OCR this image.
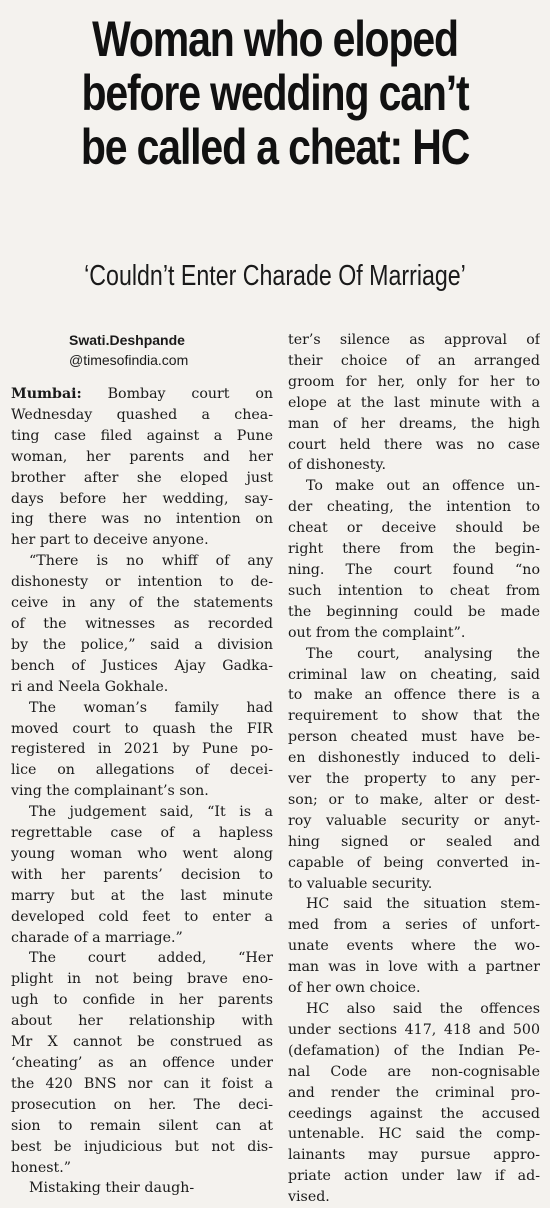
Woman who eloped
before wedding can’t
be called a cheat: HC
‘Couldn’t Enter Charade Of Marriage’
Swati.Deshpande
@timesofindia.com
Mumbai: Bombay court on
Wednesday quashed a chea-
ting case filed against a Pune
woman, her parents and her
brother after she eloped just
days before her wedding, say-
ing there was no intention on
her part to deceive anyone.
“There is no whiff of any
dishonesty or intention to de-
ceive in any of the statements
of the witnesses as recorded
by the police,” said a division
bench of Justices Ajay Gadka-
ri and Neela Gokhale.
The woman’s family had
moved court to quash the FIR
registered in 2021 by Pune po-
lice on allegations of decei-
ving the complainant’s son.
The judgement said, “It is a
regrettable case of a hapless
young woman who went along
with her parents’ decision to
marry but at the last minute
developed cold feet to enter a
charade of a marriage.”
The court added, “Her
plight in not being brave eno-
ugh to confide in her parents
about her relationship with
Mr X cannot be construed as
‘cheating’ as an offence under
the 420 BNS nor can it foist a
prosecution on her. The deci-
sion to remain silent can at
best be injudicious but not dis-
honest.”
Mistaking their daugh-
ter’s silence as approval of
their choice of an arranged
groom for her, only for her to
elope at the last minute with a
man of her dreams, the high
court held there was no case
of dishonesty.
To make out an offence un-
der cheating, the intention to
cheat or deceive should be
right there from the begin-
ning. The court found “no
such intention to cheat from
the beginning could be made
out from the complaint”.
The court, analysing the
criminal law on cheating, said
to make an offence there is a
requirement to show that the
person cheated must have be-
en dishonestly induced to deli-
ver the property to any per-
son; or to make, alter or dest-
roy valuable security or anyt-
hing signed or sealed and
capable of being converted in-
to valuable security.
HC said the situation stem-
med from a series of unfort-
unate events where the wo-
man was in love with a partner
of her own choice.
HC also said the offences
under sections 417, 418 and 500
(defamation) of the Indian Pe-
nal Code are non-cognisable
and render the criminal pro-
ceedings against the accused
untenable. HC said the comp-
lainants may pursue appro-
priate action under law if ad-
vised.
